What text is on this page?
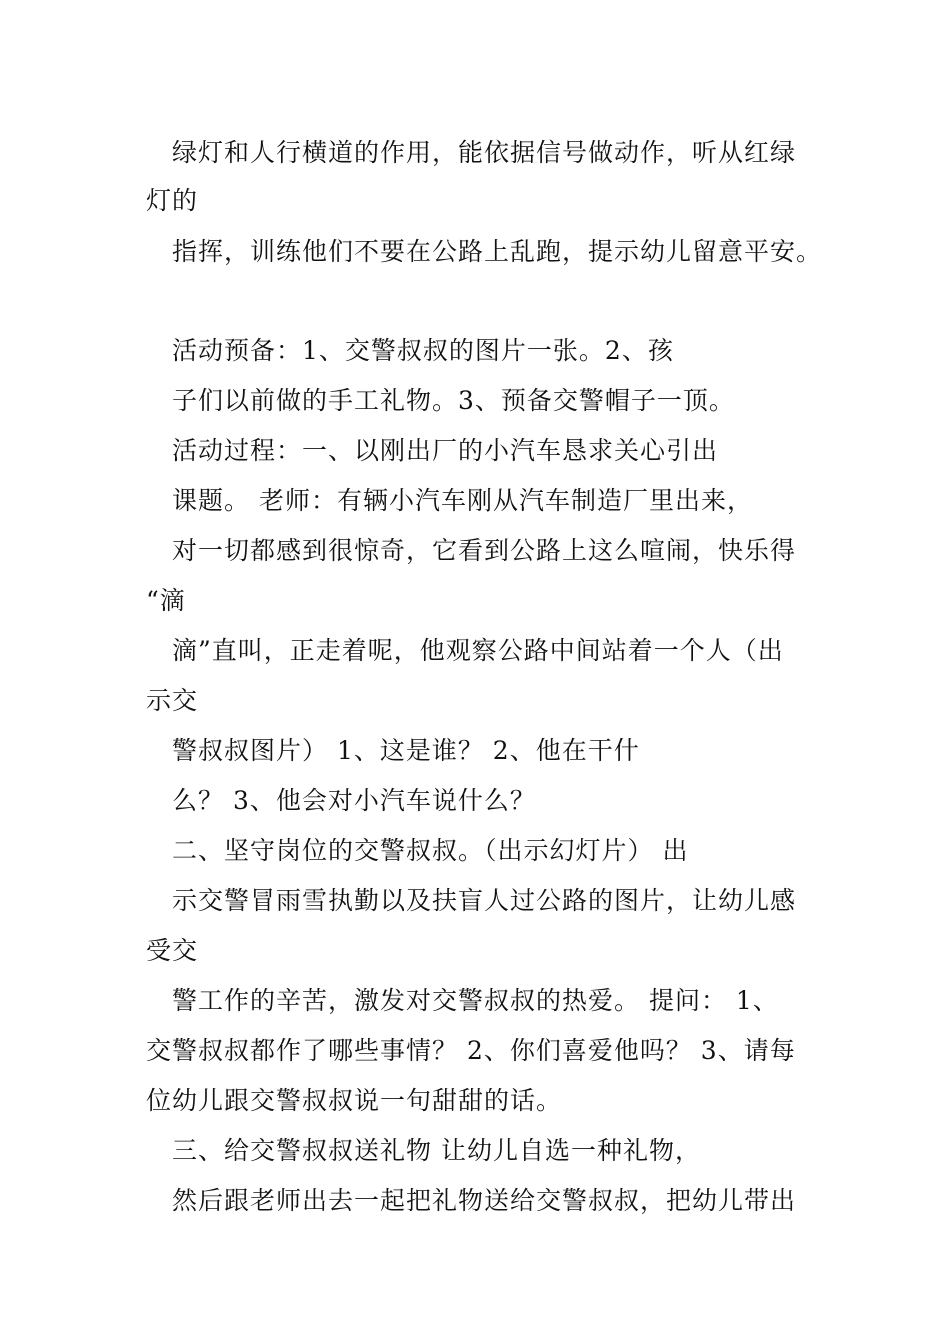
绿灯和人行横道的作用，能依据信号做动作，听从红绿
灯的
指挥，训练他们不要在公路上乱跑，提示幼儿留意平安。
活动预备：1、交警叔叔的图片一张。2、孩
子们以前做的手工礼物。3、预备交警帽子一顶。
活动过程：一、以刚出厂的小汽车恳求关心引出
课题。 老师：有辆小汽车刚从汽车制造厂里出来，
对一切都感到很惊奇，它看到公路上这么喧闹，快乐得
“滴
滴”直叫，正走着呢，他观察公路中间站着一个人（出
示交
警叔叔图片） 1、这是谁？ 2、他在干什
么？ 3、他会对小汽车说什么？
二、坚守岗位的交警叔叔。（出示幻灯片） 出
示交警冒雨雪执勤以及扶盲人过公路的图片，让幼儿感
受交
警工作的辛苦，激发对交警叔叔的热爱。 提问： 1、
交警叔叔都作了哪些事情？ 2、你们喜爱他吗？ 3、请每
位幼儿跟交警叔叔说一句甜甜的话。
三、给交警叔叔送礼物 让幼儿自选一种礼物，
然后跟老师出去一起把礼物送给交警叔叔，把幼儿带出
